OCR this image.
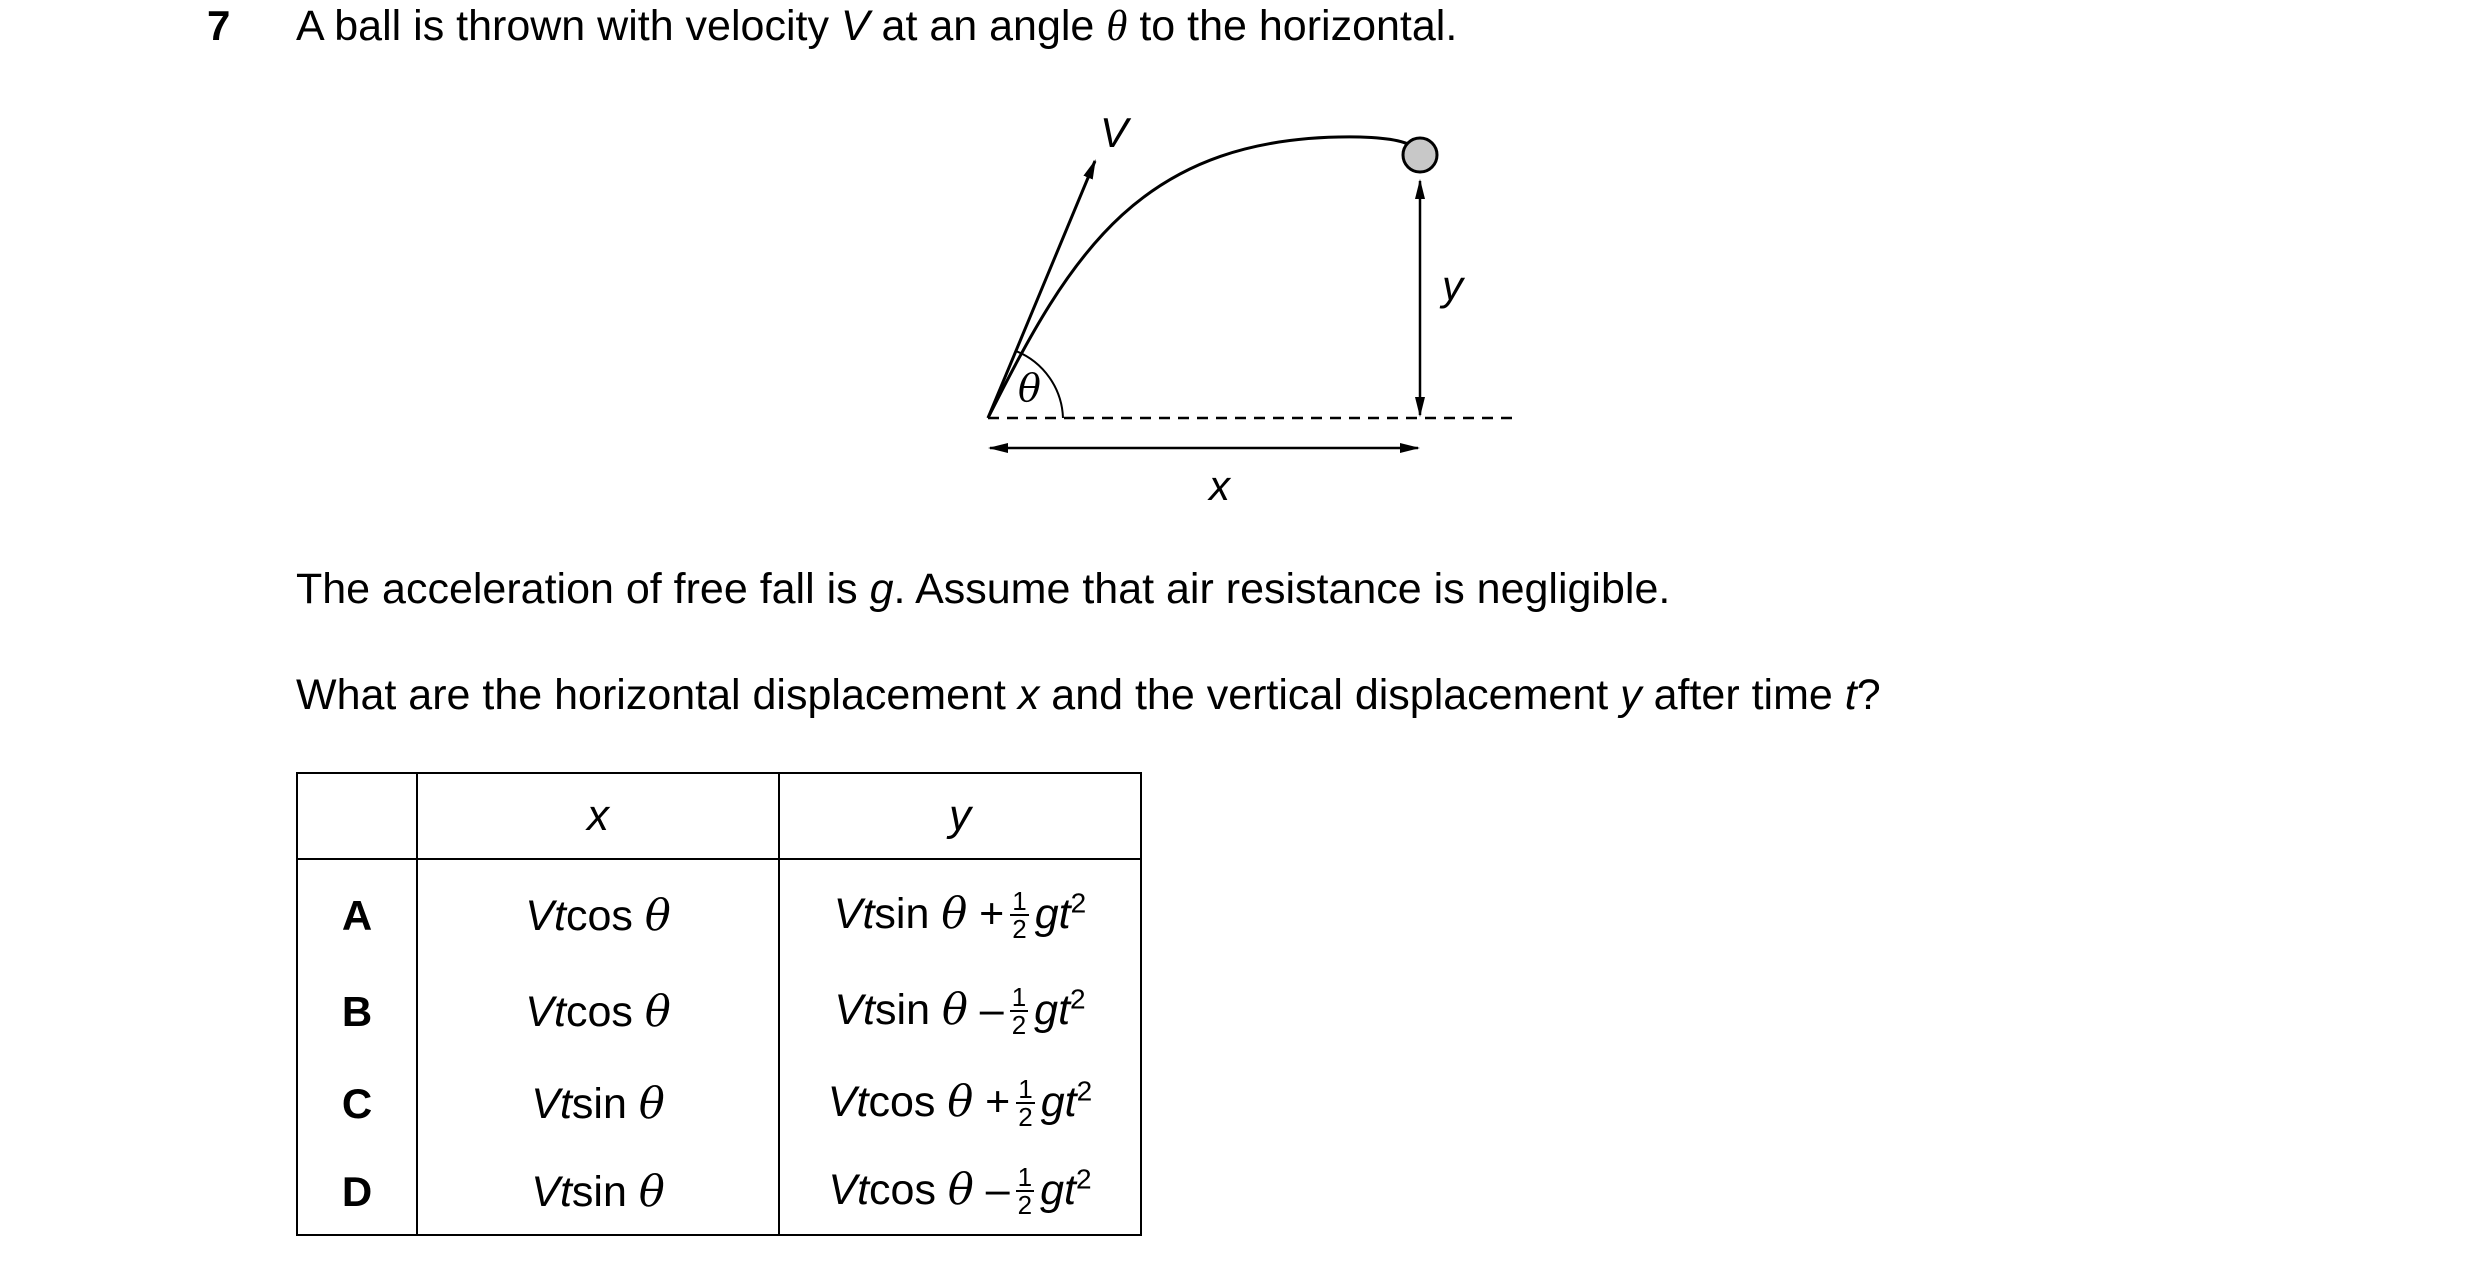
7 A ball is thrown with velocity V at an angle θ to the horizontal.
V
θ
y
x
The acceleration of free fall is g. Assume that air resistance is negligible.
What are the horizontal displacement x and the vertical displacement y after time t?
	x	y
A	Vtcos θ	Vtsin $\theta + \frac{1}{2} gt^2$
B	Vtcos θ	Vtsin θ – $\frac{1}{2} gt^2$
C	Vtsin θ	Vtcos $\theta + \frac{1}{2} gt^2$
D	Vtsin θ	Vtcos θ – $\frac{1}{2} gt^2$
